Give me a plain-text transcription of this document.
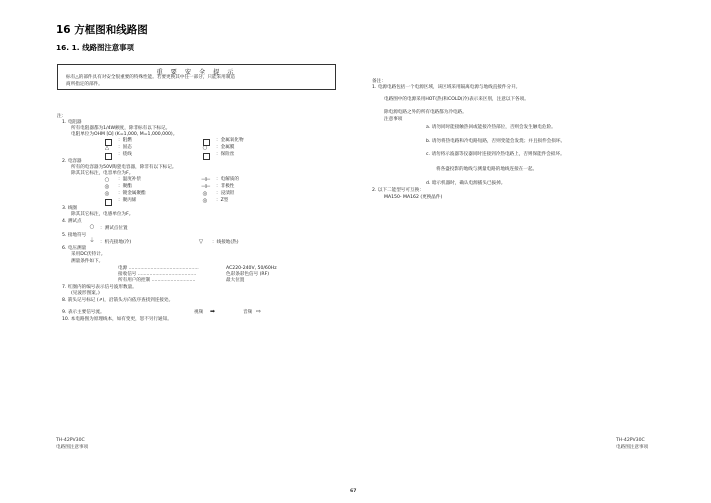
16 方框图和线路图
16. 1. 线路图注意事项
重 要 安 全 提 示
标有△的部件具有对安全很重要的特殊性能。若要更换其中任一部分，只能采用制造
商所指定的部件。
注：
1. 电阻器
所有电阻器都为1/4W额度，除非标有以下标记。
电阻单位为OHM [Ω] (K=1,000, M=1,000,000)。
：阻燃	：金属氧化物
△	：固态	○	：金属膜
：绕线	：保险丝
2. 电容器
所有的电容器为50V陶瓷电容器，除非有以下标记。
除其其它标注，电容单位为F。
○	：温度补偿	⊣⊢ ：电解质的
◎	：聚酯	⊣⊢ ：非极性
◎	：镀金属聚酯	◎	：浸渍钽
：聚丙烯	◎	：Z型
3. 线圈
除其其它标注，电感单位为F。
4. 测试点
○	：测试点位置
5. 接地符号
⏚ ：机壳接地(冷)	▽	：线接地(热)
6. 电压测量
采用DC伏特计。
测量条件如下。
电源 ................................................	AC220-240V, 50/60Hz
接收信号 ........................................	色彩条彩色信号 (RF)
所有用户的控制 ..............................	最大位置
7. 红圈内的编号表示信号波形数量。
(见波形图案。)
8. 箭头记号标记 (⇗)，沿箭头方向依序查找到连接处。
9. 表示主要信号流。	视频 ➡	音频 ⇨
10. 本电路图为原理线本，如有变更，恕不另行通知。
备注：
1. 电源电路包括一个电源区域，该区域采用隔离电源与地线直接件分开。
电路图中的电源采用HOT(热)和COLD(冷)表示来区别，注意以下各项。
除电源电路之外的所有电路都为冷电路。
注意事项
a. 请勿同时能接触热回或能接冷热部位，否则会发生触电危险。
b. 请勿将热电路和冷电路短路，否则变能会发烧；并且损件会损坏。
c. 请勿将示波器等仪器同时连接到冷热电路上，否则保能件会损坏。
将各盛投影的地线与测量电路的地线连接在一起。
d. 暗示机器时，确认电源插头已拔掉。
2. 以下二能型号可互换：
MA150- MA162 (更换晶件)
TH-42PV30C
电路图注意事项
TH-42PV30C
电路图注意事项
67
